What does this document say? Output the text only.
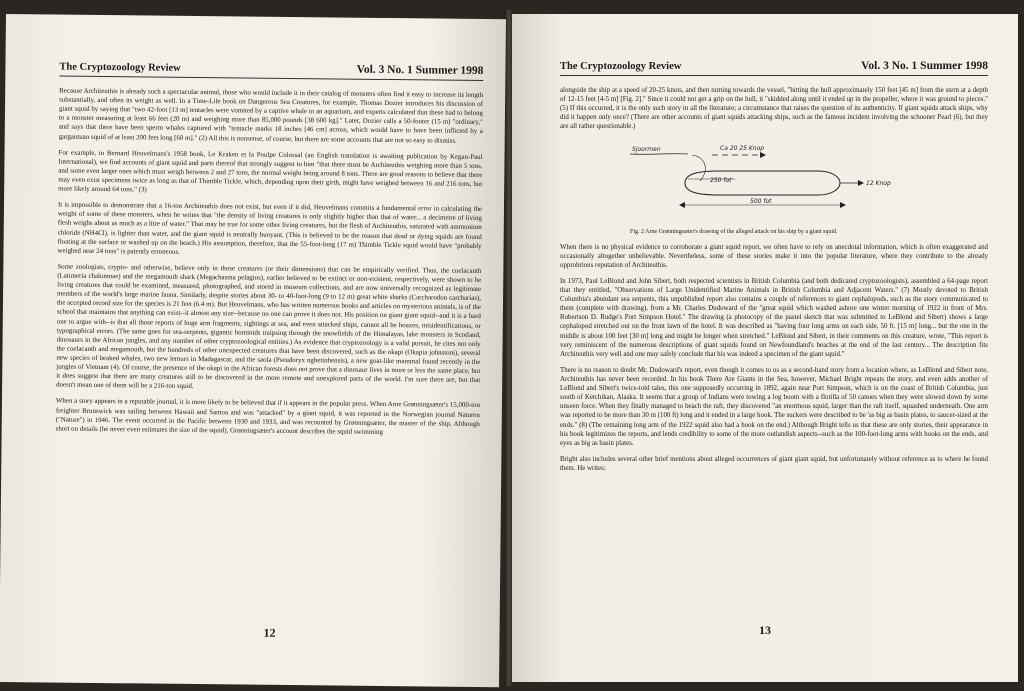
The Cryptozoology Review	Vol. 3 No. 1 Summer 1998

Because Architeuthis is already such a spectacular animal, those who would include it in their catalog of monsters often find it easy to increase its length substantially, and often its weight as well. In a Time-Life book on Dangerous Sea Creatures, for example, Thomas Dozier introduces his discussion of giant squid by saying that "two 42-foot [13 m] tentacles were vomited by a captive whale in an aquarium, and experts calculated that these had to belong to a monster measuring at least 66 feet (20 m) and weighing more than 85,000 pounds [38 600 kg]." Later, Dozier calls a 50-footer (15 m) "ordinary," and says that there have been sperm whales captured with "tentacle marks 18 inches [46 cm] across, which would have to have been inflicted by a gargantuan squid of at least 200 feet long [60 m]." (2) All this is nonsense, of course, but there are some accounts that are not so easy to dismiss.

For example, in Bernard Heuvelmans's 1958 book, Le Kraken et la Poulpe Colossal (an English translation is awaiting publication by Kegan-Paul International), we find accounts of giant squid and parts thereof that strongly suggest to him "that there must be Architeuthis weighing more than 5 tons, and some even larger ones which must weigh between 2 and 27 tons, the normal weight being around 8 tons. There are good reasons to believe that there may even exist specimens twice as long as that of Thimble Tickle, which, depending upon their girth, might have weighed between 16 and 216 tons, but more likely around 64 tons." (3)

It is impossible to demonstrate that a 16-ton Architeuthis does not exist, but even if it did, Heuvelmans commits a fundamental error in calculating the weight of some of these monsters, when he writes that "the density of living creatures is only slightly higher than that of water... a decimetre of living flesh weighs about as much as a litre of water." That may be true for some other living creatures, but the flesh of Architeuthis, saturated with ammonium chloride (NH4Cl), is lighter than water, and the giant squid is neutrally buoyant. (This is believed to be the reason that dead or dying squids are found floating at the surface or washed up on the beach.) His assumption, therefore, that the 55-foot-long (17 m) Thimble Tickle squid would have "probably weighed near 24 tons" is patently erroneous.

Some zoologists, crypto- and otherwise, believe only in those creatures (or their dimensions) that can be empirically verified. Thus, the coelacanth (Latimeria chalumnae) and the megamouth shark (Megachasma pelagios), earlier believed to be extinct or non-existent, respectively, were shown to be living creatures that could be examined, measured, photographed, and stored in museum collections, and are now universally recognized as legitimate members of the world's large marine fauna. Similarly, despite stories about 30- to 40-foot-long (9 to 12 m) great white sharks (Carcharodon carcharias), the accepted record size for the species is 21 feet (6.4 m). But Heuvelmans, who has written numerous books and articles on mysterious animals, is of the school that maintains that anything can exist--it almost any size--because no one can prove it does not. His position on giant giant squid--and it is a hard one to argue with--is that all those reports of huge arm fragments, sightings at sea, and even attacked ships, cannot all be hoaxes, misidentifications, or typographical errors. (The same goes for sea-serpents, gigantic hominids traipsing through the snowfields of the Himalayas, lake monsters in Scotland, dinosaurs in the African jungles, and any number of other cryptozoological entities.) As evidence that cryptozoology is a valid pursuit, he cites not only the coelacanth and megamouth, but the hundreds of other unexpected creatures that have been discovered, such as the okapi (Okapia johnstoni), several new species of beaked whales, two new lemurs in Madagascar, and the saola (Pseudoryx nghetinhensis), a new goat-like mammal found recently in the jungles of Vietnam (4). Of course, the presence of the okapi in the African forests does not prove that a dinosaur lives in more or less the same place, but it does suggest that there are many creatures still to be discovered in the more remote and unexplored parts of the world. I'm sure there are, but that doesn't mean one of them will be a 216-ton squid.

When a story appears in a reputable journal, it is more likely to be believed that if it appears in the popular press. When Arne Grønningsæter's 15,000-ton freighter Brunswick was sailing between Hawaii and Samoa and was "attacked" by a giant squid, it was reported in the Norwegian journal Naturen ("Nature") in 1946. The event occurred in the Pacific between 1930 and 1933, and was recounted by Grønningsæter, the master of the ship. Although short on details (he never even estimates the size of the squid), Grønningsæter's account describes the squid swimming

12
The Cryptozoology Review	Vol. 3 No. 1 Summer 1998

alongside the ship at a speed of 20-25 knots, and then turning towards the vessel, "hitting the hull approximately 150 feet [45 m] from the stern at a depth of 12-15 feet [4-5 m] [Fig. 2]." Since it could not get a grip on the hull, it "skidded along until it ended up in the propeller, where it was ground to pieces." (5) If this occurred, it is the only such story in all the literature; a circumstance that raises the question of its authenticity. If giant squids attack ships, why did it happen only once? (There are other accounts of giant squids attacking ships, such as the famous incident involving the schooner Pearl (6), but they are all rather questionable.)

Sjoormen	Ca 20 25 Knop
250 fot	12 Knop
500 fot
Fig. 2 Arne Grønningsæter's drawing of the alleged attack on his ship by a giant squid.

When there is no physical evidence to corroborate a giant squid report, we often have to rely on anecdotal information, which is often exaggerated and occasionally altogether unbelievable. Nevertheless, some of these stories make it into the popular literature, where they contribute to the already opprobrious reputation of Architeuthis.

In 1973, Paul LeBlond and John Sibert, both respected scientists in British Columbia (and both dedicated cryptozoologists), assembled a 64-page report that they entitled, "Observations of Large Unidentified Marine Animals in British Columbia and Adjacent Waters." (7) Mostly devoted to British Columbia's abundant sea serpents, this unpublished report also contains a couple of references to giant cephalopods, such as the story communicated to them (complete with drawing), from a Mr. Charles Dudoward of the "great squid which washed ashore one winter morning of 1922 in front of Mrs. Robertson D. Rudge's Port Simpson Hotel." The drawing (a photocopy of the pastel sketch that was submitted to LeBlond and Sibert) shows a large cephalopod stretched out on the front lawn of the hotel. It was described as "having four long arms on each side, 50 ft. [15 m] long... but the one in the middle is about 100 feet [30 m] long and might be longer when stretched." LeBlond and Sibert, in their comments on this creature, wrote, "This report is very reminiscent of the numerous descriptions of giant squids found on Newfoundland's beaches at the end of the last century... The description fits Architeuthis very well and one may safely conclude that his was indeed a specimen of the giant squid."

There is no reason to doubt Mr. Dudoward's report, even though it comes to us as a second-hand story from a location where, as LeBlond and Sibert note, Architeuthis has never been recorded. In his book There Are Giants in the Sea, however, Michael Bright repeats the story, and even adds another of LeBlond and Sibert's twice-told tales, this one supposedly occurring in 1892, again near Port Simpson, which is on the coast of British Columbia, just south of Ketchikan, Alaska. It seems that a group of Indians were towing a log boom with a flotilla of 50 canoes when they were slowed down by some unseen force. When they finally managed to beach the raft, they discovered "an enormous squid, larger than the raft itself, squashed underneath. One arm was reported to be more than 30 m (100 ft) long and it ended in a large hook. The suckers were described to be 'as big as basin plates, to saucer-sized at the ends." (8) (The remaining long arm of the 1922 squid also had a hook on the end.) Although Bright tells us that these are only stories, their appearance in his book legitimizes the reports, and lends credibility to some of the more outlandish aspects--such as the 100-foot-long arms with hooks on the ends, and eyes as big as basin plates.

Bright also includes several other brief mentions about alleged occurrences of giant giant squid, but unfortunately without reference as to where he found them. He writes:

13
